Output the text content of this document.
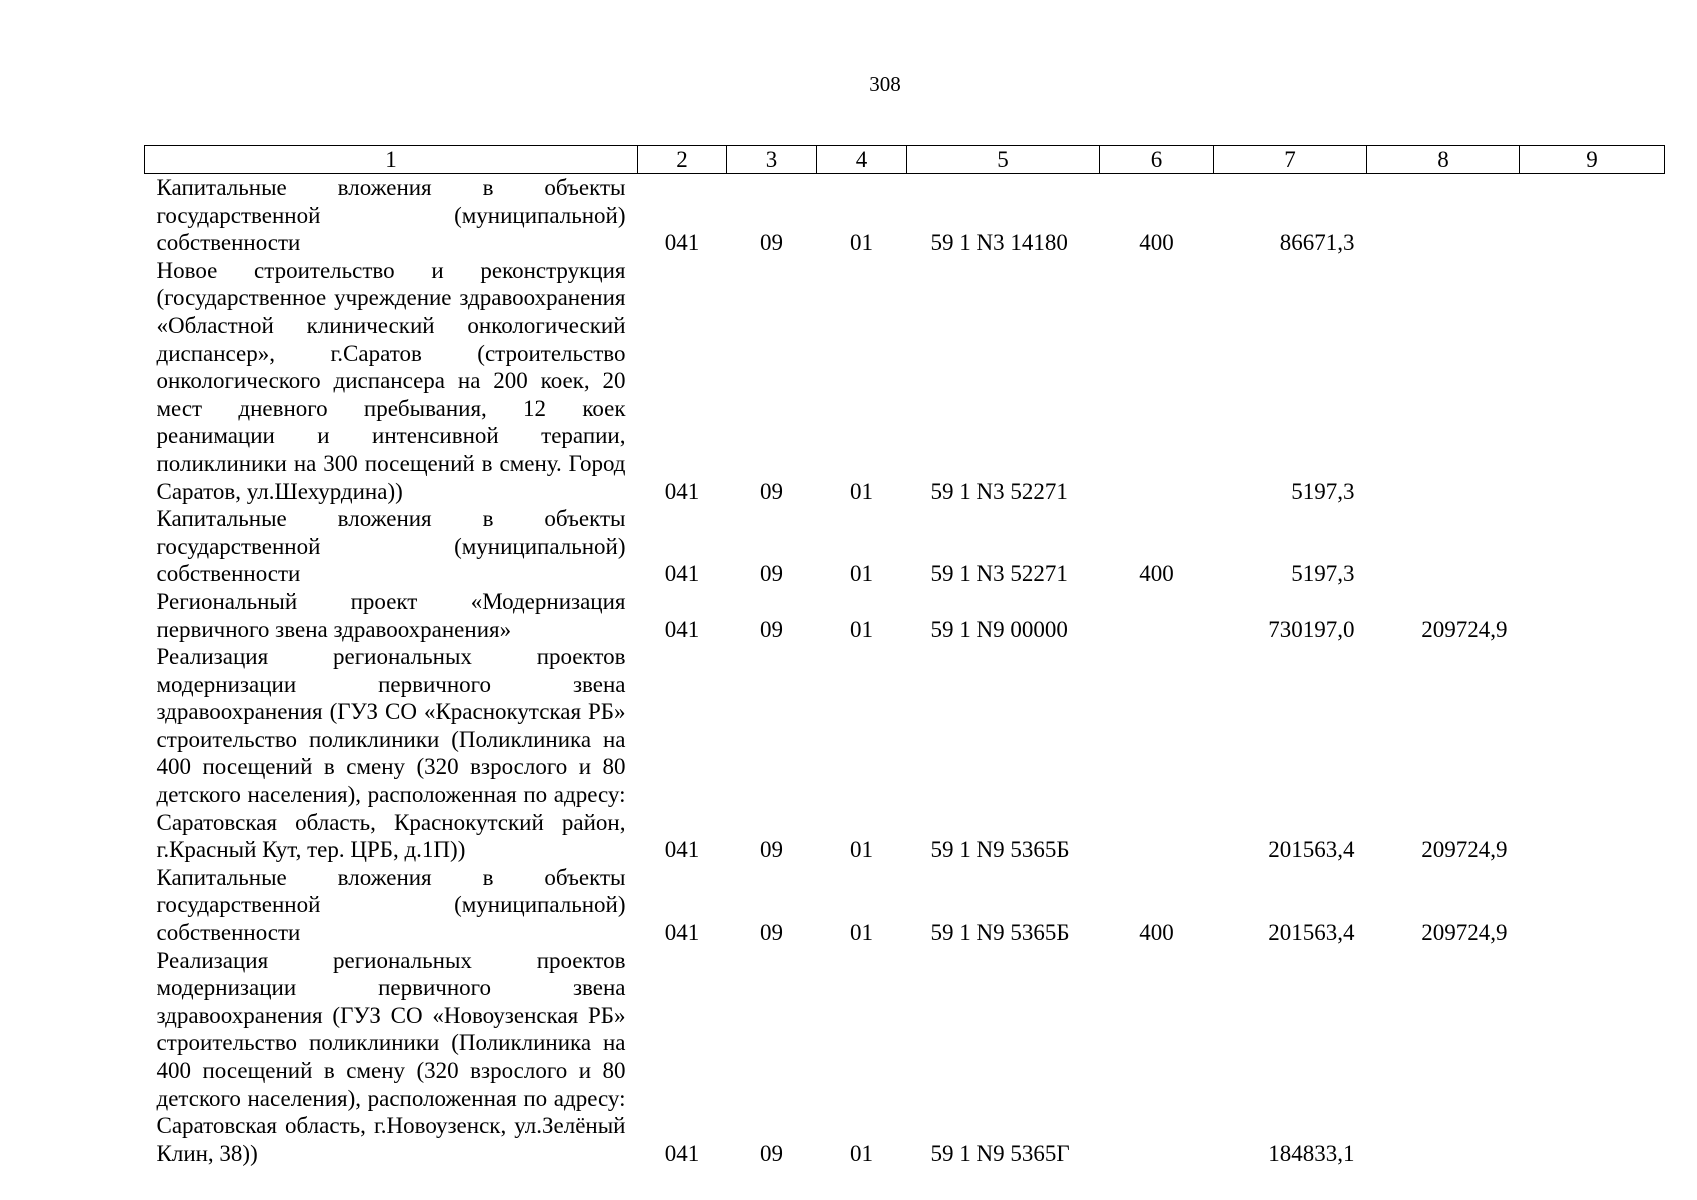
308
1	2	3	4	5	6	7	8	9
Капитальные вложения в объекты государственной (муниципальной) собственности	041	09	01	59 1 N3 14180	400	86671,3		
Новое строительство и реконструкция (государственное учреждение здравоохранения «Областной клинический онкологический диспансер», г.Саратов (строительство онкологического диспансера на 200 коек, 20 мест дневного пребывания, 12 коек реанимации и интенсивной терапии, поликлиники на 300 посещений в смену. Город Саратов, ул.Шехурдина))	041	09	01	59 1 N3 52271		5197,3		
Капитальные вложения в объекты государственной (муниципальной) собственности	041	09	01	59 1 N3 52271	400	5197,3		
Региональный проект «Модернизация первичного звена здравоохранения»	041	09	01	59 1 N9 00000		730197,0	209724,9	
Реализация региональных проектов модернизации первичного звена здравоохранения (ГУЗ СО «Краснокутская РБ» строительство поликлиники (Поликлиника на 400 посещений в смену (320 взрослого и 80 детского населения), расположенная по адресу: Саратовская область, Краснокутский район, г.Красный Кут, тер. ЦРБ, д.1П))	041	09	01	59 1 N9 5365Б		201563,4	209724,9	
Капитальные вложения в объекты государственной (муниципальной) собственности	041	09	01	59 1 N9 5365Б	400	201563,4	209724,9	
Реализация региональных проектов модернизации первичного звена здравоохранения (ГУЗ СО «Новоузенская РБ» строительство поликлиники (Поликлиника на 400 посещений в смену (320 взрослого и 80 детского населения), расположенная по адресу: Саратовская область, г.Новоузенск, ул.Зелёный Клин, 38))	041	09	01	59 1 N9 5365Г		184833,1		
